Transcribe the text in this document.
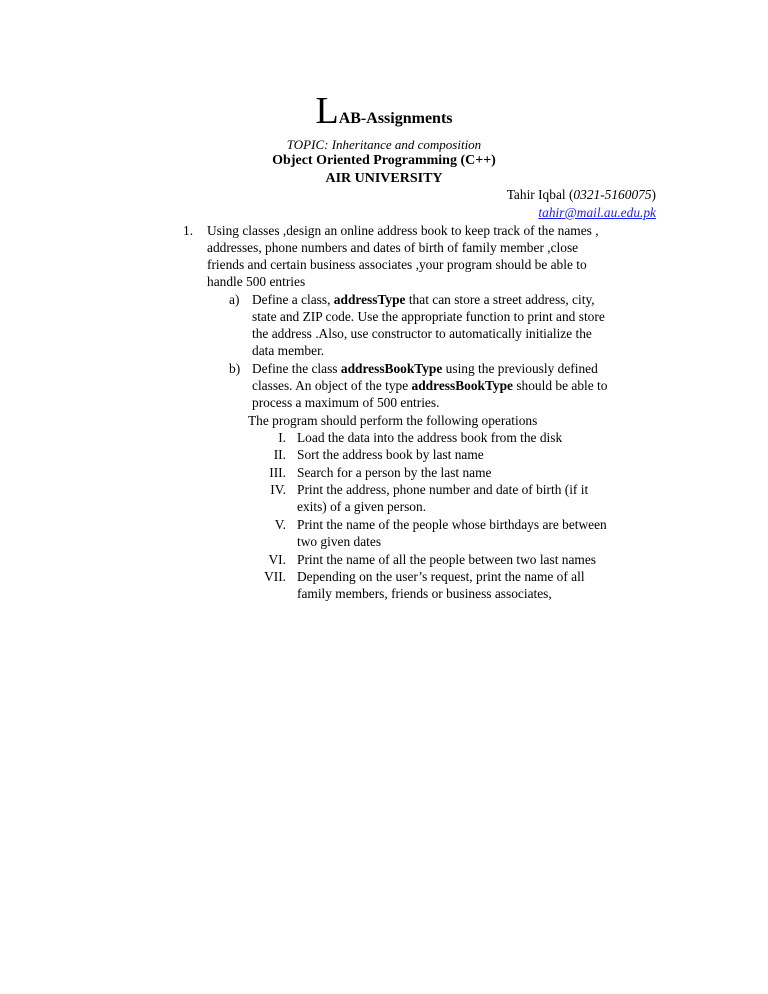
LAB-Assignments
TOPIC: Inheritance and composition
Object Oriented Programming (C++)
AIR UNIVERSITY
Tahir Iqbal (0321-5160075)
tahir@mail.au.edu.pk
1. Using classes ,design an online address book to keep track of the names ,
addresses, phone numbers and dates of birth of family member ,close
friends and certain business associates ,your program should be able to
handle 500 entries
a) Define a class, addressType that can store a street address, city,
state and ZIP code. Use the appropriate function to print and store
the address .Also, use constructor to automatically initialize the
data member.
b) Define the class addressBookType using the previously defined
classes. An object of the type addressBookType should be able to
process a maximum of 500 entries.
The program should perform the following operations
I. Load the data into the address book from the disk
II. Sort the address book by last name
III. Search for a person by the last name
IV. Print the address, phone number and date of birth (if it
exits) of a given person.
V. Print the name of the people whose birthdays are between
two given dates
VI. Print the name of all the people between two last names
VII. Depending on the user’s request, print the name of all
family members, friends or business associates,
